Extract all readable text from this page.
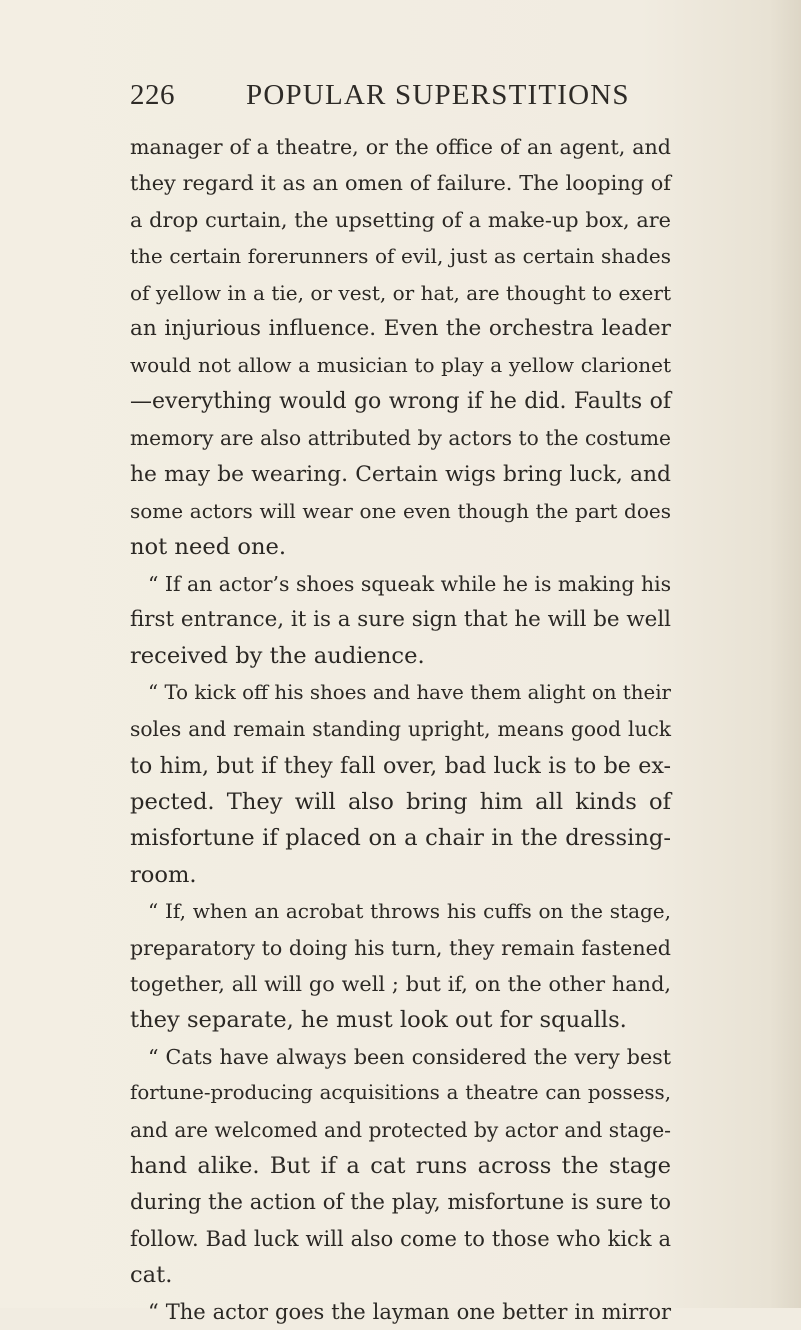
226 POPULAR SUPERSTITIONS
manager of a theatre, or the office of an agent, and
they regard it as an omen of failure. The looping of
a drop curtain, the upsetting of a make-up box, are
the certain forerunners of evil, just as certain shades
of yellow in a tie, or vest, or hat, are thought to exert
an injurious influence. Even the orchestra leader
would not allow a musician to play a yellow clarionet
—everything would go wrong if he did. Faults of
memory are also attributed by actors to the costume
he may be wearing. Certain wigs bring luck, and
some actors will wear one even though the part does
not need one.
“ If an actor’s shoes squeak while he is making his
first entrance, it is a sure sign that he will be well
received by the audience.
“ To kick off his shoes and have them alight on their
soles and remain standing upright, means good luck
to him, but if they fall over, bad luck is to be ex-
pected. They will also bring him all kinds of
misfortune if placed on a chair in the dressing-
room.
“ If, when an acrobat throws his cuffs on the stage,
preparatory to doing his turn, they remain fastened
together, all will go well ; but if, on the other hand,
they separate, he must look out for squalls.
“ Cats have always been considered the very best
fortune-producing acquisitions a theatre can possess,
and are welcomed and protected by actor and stage-
hand alike. But if a cat runs across the stage
during the action of the play, misfortune is sure to
follow. Bad luck will also come to those who kick a
cat.
“ The actor goes the layman one better in mirror
